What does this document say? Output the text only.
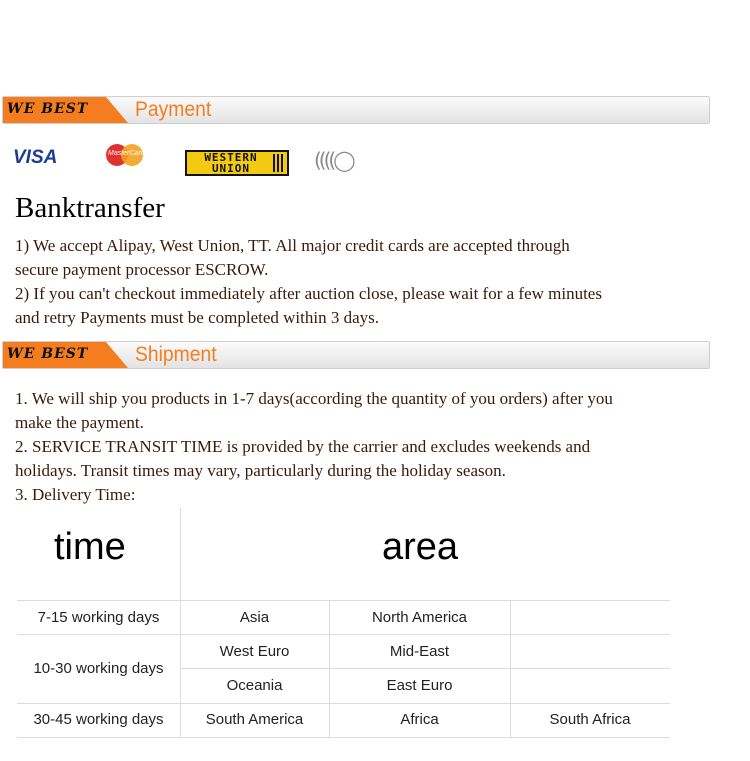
WE BEST Payment
VISA	MasterCard	WESTERN
UNION	((((◯
Banktransfer
1) We accept Alipay, West Union, TT. All major credit cards are accepted through
secure payment processor ESCROW.
2) If you can't checkout immediately after auction close, please wait for a few minutes
and retry Payments must be completed within 3 days.
WE BEST Shipment
1. We will ship you products in 1-7 days(according the quantity of you orders) after you
make the payment.
2. SERVICE TRANSIT TIME is provided by the carrier and excludes weekends and
holidays. Transit times may vary, particularly during the holiday season.
3. Delivery Time:
time	area
7-15 working days	Asia	North America
10-30 working days
West Euro	Mid-East
Oceania	East Euro
30-45 working days	South America	Africa	South Africa
